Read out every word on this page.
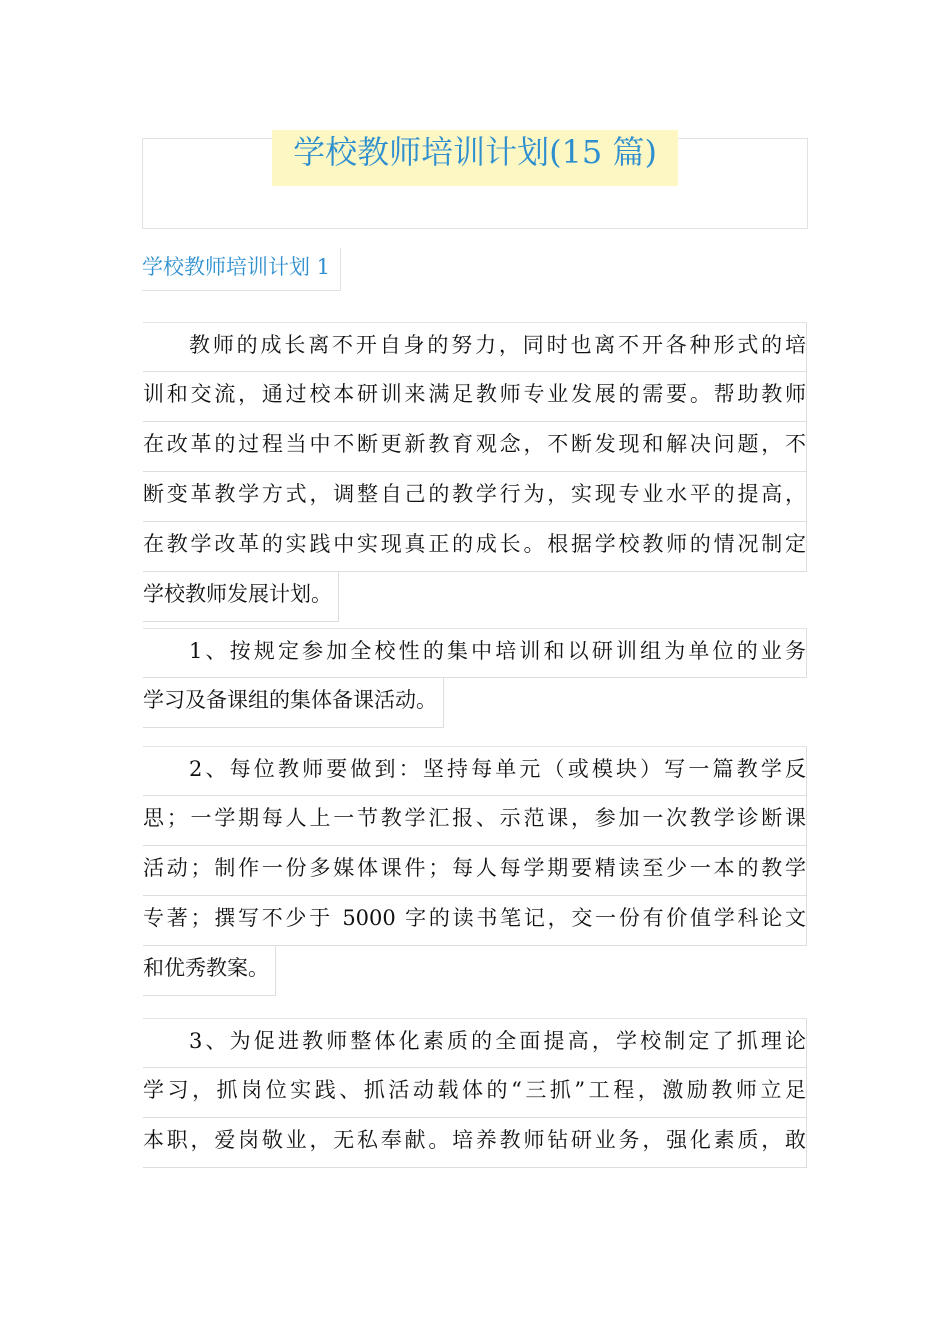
学校教师培训计划(15 篇)
学校教师培训计划 1
教师的成长离不开自身的努力，同时也离不开各种形式的培
训和交流，通过校本研训来满足教师专业发展的需要。帮助教师
在改革的过程当中不断更新教育观念，不断发现和解决问题，不
断变革教学方式，调整自己的教学行为，实现专业水平的提高，
在教学改革的实践中实现真正的成长。根据学校教师的情况制定
学校教师发展计划。
1、按规定参加全校性的集中培训和以研训组为单位的业务
学习及备课组的集体备课活动。
2、每位教师要做到：坚持每单元（或模块）写一篇教学反
思；一学期每人上一节教学汇报、示范课，参加一次教学诊断课
活动；制作一份多媒体课件；每人每学期要精读至少一本的教学
专著；撰写不少于 5000 字的读书笔记，交一份有价值学科论文
和优秀教案。
3、为促进教师整体化素质的全面提高，学校制定了抓理论
学习，抓岗位实践、抓活动载体的“三抓”工程，激励教师立足
本职，爱岗敬业，无私奉献。培养教师钻研业务，强化素质，敢
